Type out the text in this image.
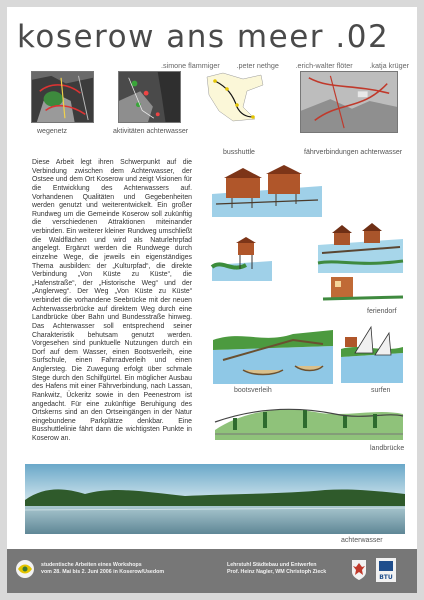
koserow ans meer .02
.simone flammiger .peter nethge .erich-walter flöter .katja krüger
wegenetz	aktivitäten achterwasser
busshuttle	fährverbindungen achterwasser
Diese Arbeit legt ihren Schwerpunkt auf die Verbindung zwischen dem Achterwasser, der Ostsee und dem Ort Koserow und zeigt Visionen für die Entwicklung des Achterwassers auf. Vorhandenen Qualitäten und Gegebenheiten werden genutzt und weiterentwickelt. Ein großer Rundweg um die Gemeinde Koserow soll zukünftig die verschiedenen Attraktionen miteinander verbinden. Ein weiterer kleiner Rundweg umschließt die Waldflächen und wird als Naturlehrpfad angelegt. Ergänzt werden die Rundwege durch einzelne Wege, die jeweils ein eigenständiges Thema ausbilden: der „Kulturpfad“, die direkte Verbindung „Von Küste zu Küste“, die „Hafenstraße“, der „Historische Weg“ und der „Anglerweg“. Der Weg „Von Küste zu Küste“ verbindet die vorhandene Seebrücke mit der neuen Achterwasserbrücke auf direktem Weg durch eine Landbrücke über Bahn und Bundesstraße hinweg. Das Achterwasser soll entsprechend seiner Charakteristik behutsam genutzt werden. Vorgesehen sind punktuelle Nutzungen durch ein Dorf auf dem Wasser, einen Bootsverleih, eine Surfschule, einen Fahrradverleih und einen Anglersteg. Die Zuwegung erfolgt über schmale Stege durch den Schilfgürtel. Ein möglicher Ausbau des Hafens mit einer Fährverbindung, nach Lassan, Rankwitz, Ückeritz sowie in den Peenestrom ist angedacht. Für eine zukünftige Beruhigung des Ortskerns sind an den Ortseingängen in der Natur eingebundene Parkplätze denkbar. Eine Busshuttlelinie fährt dann die wichtigsten Punkte in Koserow an.
feriendorf
bootsverleih	surfen
landbrücke
achterwasser
studentische Arbeiten eines Workshops
vom 28. Mai bis 2. Juni 2006 in Koserow/Usedom
Lehrstuhl Städtebau und Entwerfen
Prof. Heinz Nagler, WM Christoph Zieck
BTU
